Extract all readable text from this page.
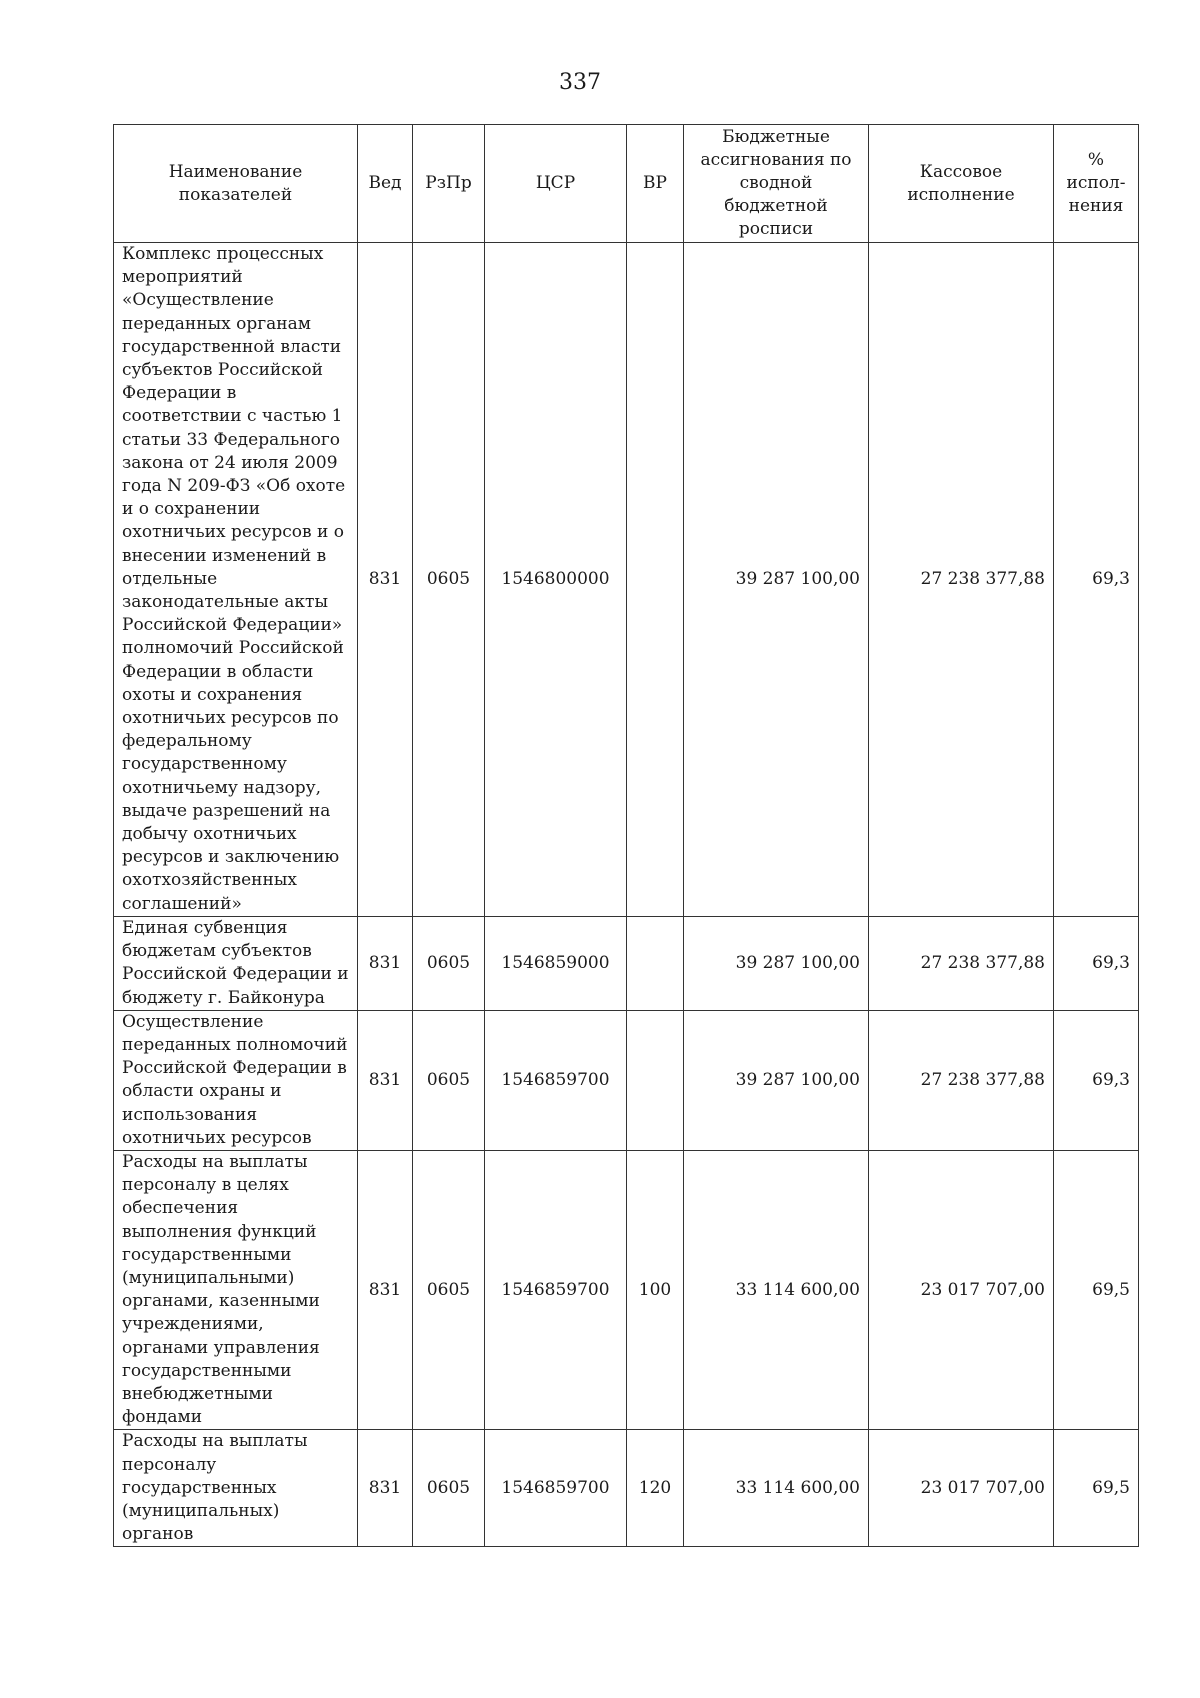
337
Наименование показателей	Вед	РзПр	ЦСР	ВР	Бюджетные ассигнования по сводной бюджетной росписи	Кассовое исполнение	% испол-нения
Комплекс процессных мероприятий «Осуществление переданных органам государственной власти субъектов Российской Федерации в соответствии с частью 1 статьи 33 Федерального закона от 24 июля 2009 года N 209-ФЗ «Об охоте и о сохранении охотничьих ресурсов и о внесении изменений в отдельные законодательные акты Российской Федерации» полномочий Российской Федерации в области охоты и сохранения охотничьих ресурсов по федеральному государственному охотничьему надзору, выдаче разрешений на добычу охотничьих ресурсов и заключению охотхозяйственных соглашений»	831	0605	1546800000		39 287 100,00	27 238 377,88	69,3
Единая субвенция бюджетам субъектов Российской Федерации и бюджету г. Байконура	831	0605	1546859000		39 287 100,00	27 238 377,88	69,3
Осуществление переданных полномочий Российской Федерации в области охраны и использования охотничьих ресурсов	831	0605	1546859700		39 287 100,00	27 238 377,88	69,3
Расходы на выплаты персоналу в целях обеспечения выполнения функций государственными (муниципальными) органами, казенными учреждениями, органами управления государственными внебюджетными фондами	831	0605	1546859700	100	33 114 600,00	23 017 707,00	69,5
Расходы на выплаты персоналу государственных (муниципальных) органов	831	0605	1546859700	120	33 114 600,00	23 017 707,00	69,5
